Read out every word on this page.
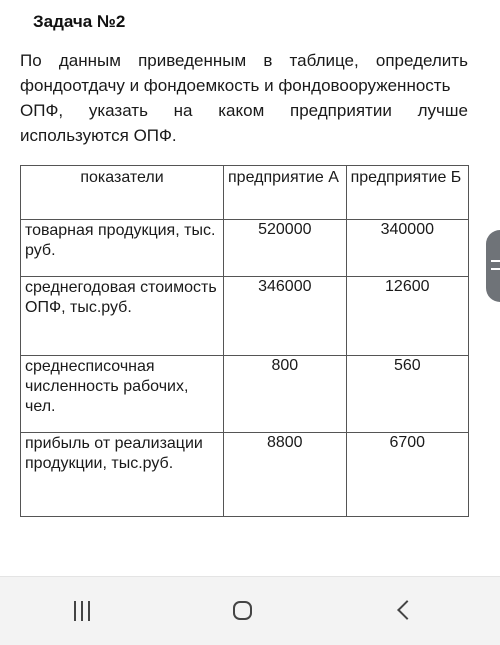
Задача №2
По данным приведенным в таблице, определить
фондоотдачу и фондоемкость и фондовооруженность
ОПФ, указать на каком предприятии лучше
используются ОПФ.
показатели	предприятие А	предприятие Б
товарная продукция, тыс. руб.	520000	340000
среднегодовая стоимость ОПФ, тыс.руб.	346000	12600
среднесписочная численность рабочих, чел.	800	560
прибыль от реализации продукции, тыс.руб.	8800	6700
